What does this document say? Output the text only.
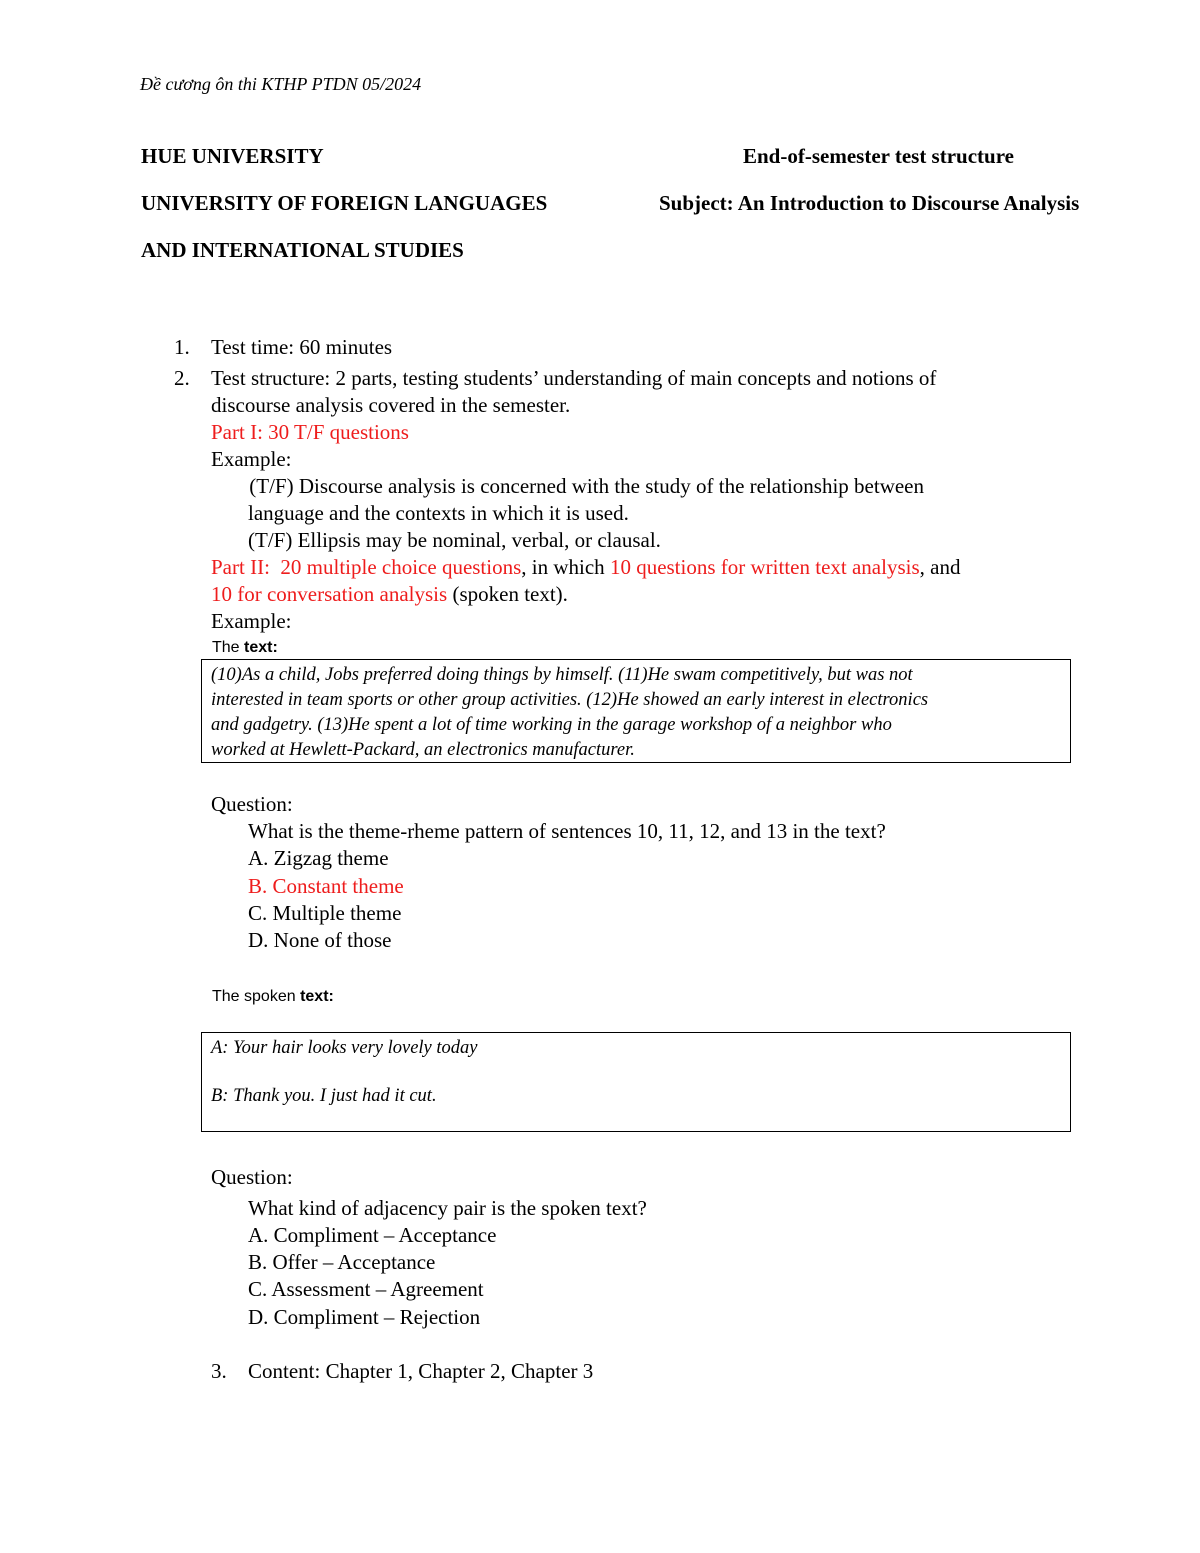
Đề cương ôn thi KTHP PTDN 05/2024
HUE UNIVERSITY
UNIVERSITY OF FOREIGN LANGUAGES
AND INTERNATIONAL STUDIES
End-of-semester test structure
Subject: An Introduction to Discourse Analysis
1. Test time: 60 minutes
2. Test structure: 2 parts, testing students’ understanding of main concepts and notions of
discourse analysis covered in the semester.
Part I: 30 T/F questions
Example:
(T/F) Discourse analysis is concerned with the study of the relationship between
language and the contexts in which it is used.
(T/F) Ellipsis may be nominal, verbal, or clausal.
Part II:  20 multiple choice questions, in which 10 questions for written text analysis, and
10 for conversation analysis (spoken text).
Example:
The text:
(10)As a child, Jobs preferred doing things by himself. (11)He swam competitively, but was not
interested in team sports or other group activities. (12)He showed an early interest in electronics
and gadgetry. (13)He spent a lot of time working in the garage workshop of a neighbor who
worked at Hewlett-Packard, an electronics manufacturer.
Question:
What is the theme-rheme pattern of sentences 10, 11, 12, and 13 in the text?
A. Zigzag theme
B. Constant theme
C. Multiple theme
D. None of those
The spoken text:
A: Your hair looks very lovely today
B: Thank you. I just had it cut.
Question:
What kind of adjacency pair is the spoken text?
A. Compliment – Acceptance
B. Offer – Acceptance
C. Assessment – Agreement
D. Compliment – Rejection
3. Content: Chapter 1, Chapter 2, Chapter 3
